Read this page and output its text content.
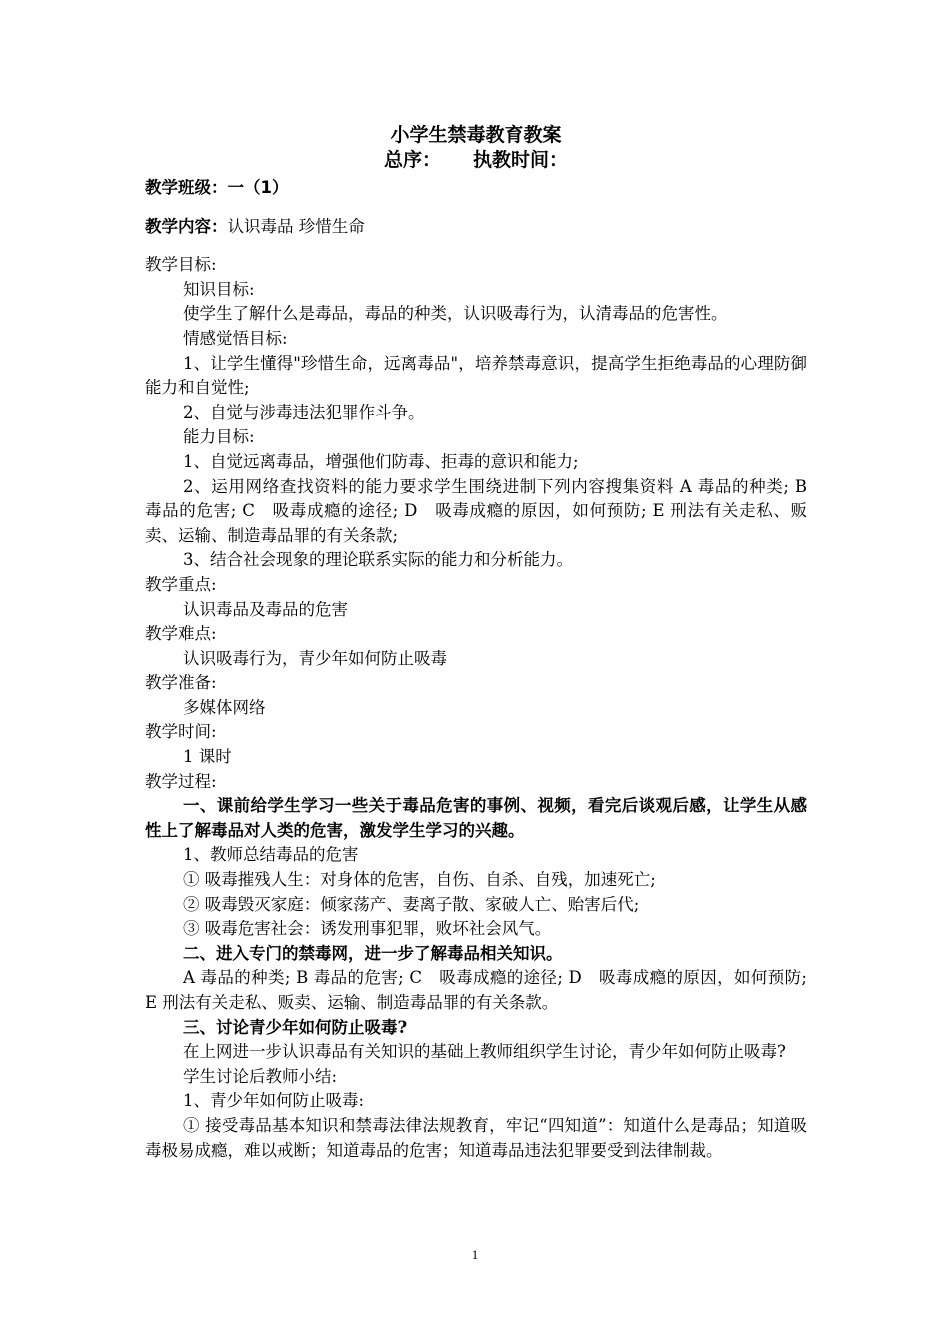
小学生禁毒教育教案
总序： 执教时间：

教学班级：一（1）

教学内容：认识毒品 珍惜生命

教学目标:

知识目标:

使学生了解什么是毒品，毒品的种类，认识吸毒行为，认清毒品的危害性。

情感觉悟目标:

1、让学生懂得"珍惜生命，远离毒品"，培养禁毒意识，提高学生拒绝毒品的心理防御能力和自觉性;

2、自觉与涉毒违法犯罪作斗争。

能力目标:

1、自觉远离毒品，增强他们防毒、拒毒的意识和能力;

2、运用网络查找资料的能力要求学生围绕进制下列内容搜集资料 A 毒品的种类; B　毒品的危害; C　吸毒成瘾的途径; D　吸毒成瘾的原因，如何预防; E 刑法有关走私、贩卖、运输、制造毒品罪的有关条款;

3、结合社会现象的理论联系实际的能力和分析能力。

教学重点:

认识毒品及毒品的危害

教学难点:

认识吸毒行为，青少年如何防止吸毒

教学准备:

多媒体网络

教学时间:

1 课时

教学过程:

一、课前给学生学习一些关于毒品危害的事例、视频，看完后谈观后感，让学生从感性上了解毒品对人类的危害，激发学生学习的兴趣。

1、教师总结毒品的危害

① 吸毒摧残人生：对身体的危害，自伤、自杀、自残，加速死亡;

② 吸毒毁灭家庭：倾家荡产、妻离子散、家破人亡、贻害后代;

③ 吸毒危害社会：诱发刑事犯罪，败坏社会风气。

二、进入专门的禁毒网，进一步了解毒品相关知识。

A 毒品的种类; B 毒品的危害; C　吸毒成瘾的途径; D　吸毒成瘾的原因，如何预防; E 刑法有关走私、贩卖、运输、制造毒品罪的有关条款。

三、讨论青少年如何防止吸毒?

在上网进一步认识毒品有关知识的基础上教师组织学生讨论，青少年如何防止吸毒?

学生讨论后教师小结:

1、青少年如何防止吸毒:

① 接受毒品基本知识和禁毒法律法规教育，牢记“四知道”：知道什么是毒品；知道吸毒极易成瘾，难以戒断；知道毒品的危害；知道毒品违法犯罪要受到法律制裁。

1
